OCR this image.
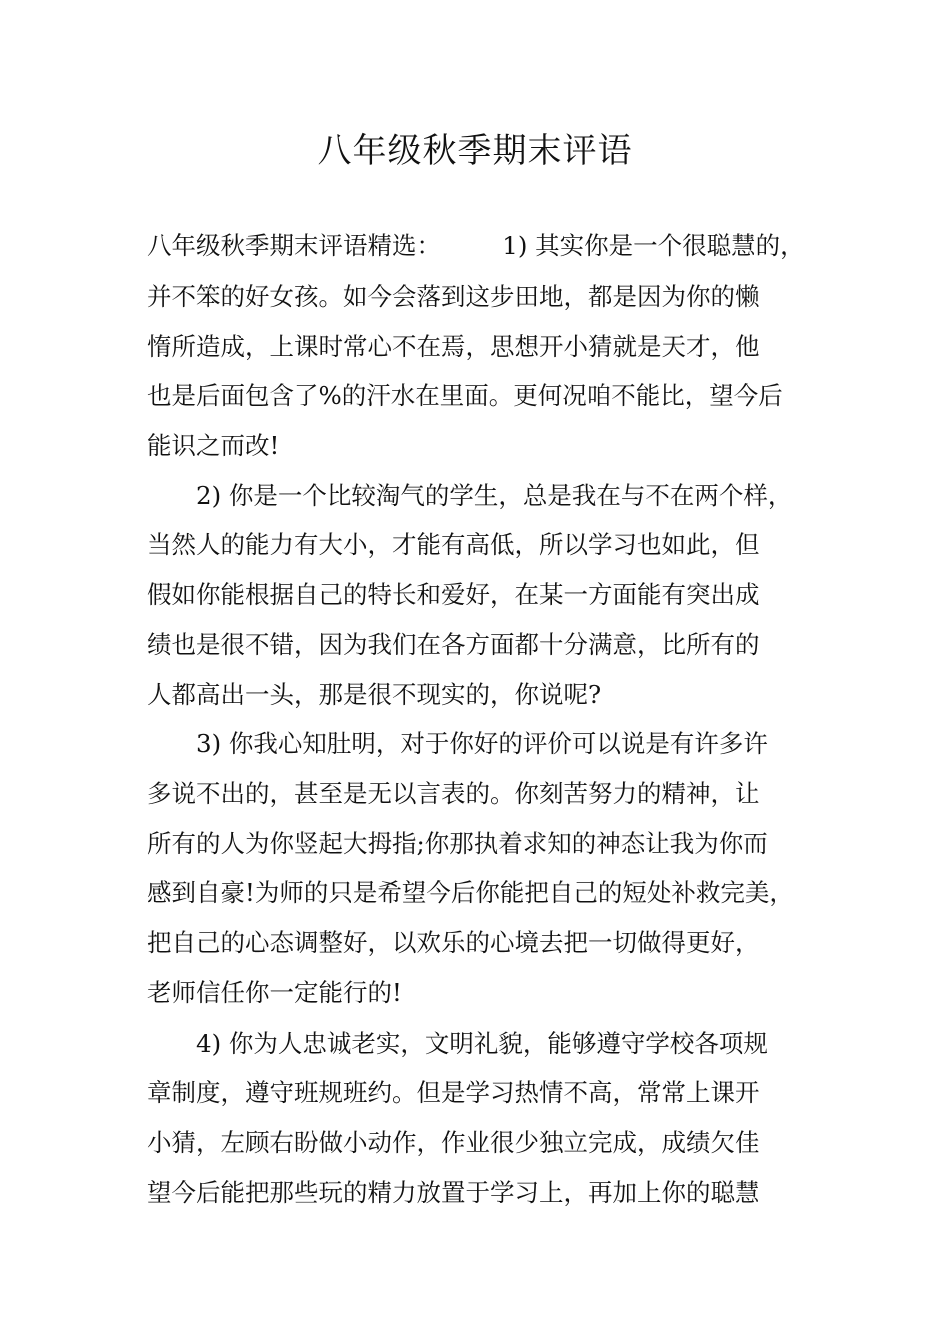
八年级秋季期末评语
八年级秋季期末评语精选：　　　1) 其实你是一个很聪慧的，
并不笨的好女孩。如今会落到这步田地，都是因为你的懒
惰所造成，上课时常心不在焉，思想开小猜就是天才，他
也是后面包含了%的汗水在里面。更何况咱不能比，望今后
能识之而改!
　　2) 你是一个比较淘气的学生，总是我在与不在两个样，
当然人的能力有大小，才能有高低，所以学习也如此，但
假如你能根据自己的特长和爱好，在某一方面能有突出成
绩也是很不错，因为我们在各方面都十分满意，比所有的
人都高出一头，那是很不现实的，你说呢?
　　3) 你我心知肚明，对于你好的评价可以说是有许多许
多说不出的，甚至是无以言表的。你刻苦努力的精神，让
所有的人为你竖起大拇指;你那执着求知的神态让我为你而
感到自豪!为师的只是希望今后你能把自己的短处补救完美，
把自己的心态调整好，以欢乐的心境去把一切做得更好，
老师信任你一定能行的!
　　4) 你为人忠诚老实，文明礼貌，能够遵守学校各项规
章制度，遵守班规班约。但是学习热情不高，常常上课开
小猜，左顾右盼做小动作，作业很少独立完成，成绩欠佳
望今后能把那些玩的精力放置于学习上，再加上你的聪慧
